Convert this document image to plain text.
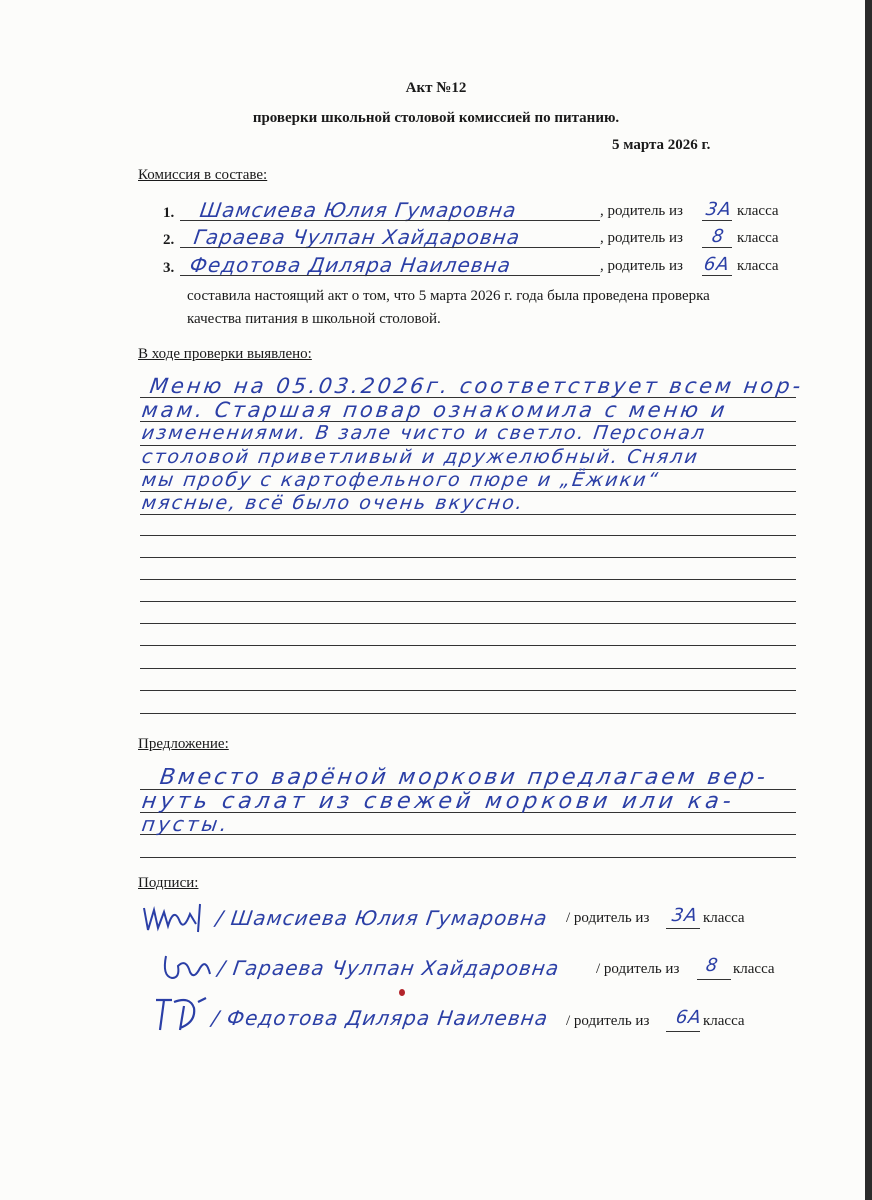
Акт №12
проверки школьной столовой комиссией по питанию.
5 марта 2026 г.
Комиссия в составе:
1. Шамсиева Юлия Гумаровна	, родитель из 3А класса
2. Гараева Чулпан Хайдаровна	, родитель из 8 класса
3. Федотова Диляра Наилевна	, родитель из 6А класса
составила настоящий акт о том, что 5 марта 2026 г. года была проведена проверка
качества питания в школьной столовой.
В ходе проверки выявлено:
Меню на 05.03.2026г. соответствует всем нор-
мам. Старшая повар ознакомила с меню и
изменениями. В зале чисто и светло. Персонал
столовой приветливый и дружелюбный. Сняли
мы пробу с картофельного пюре и „Ёжики“
мясные, всё было очень вкусно.
Предложение:
Вместо варёной моркови предлагаем вер-
нуть салат из свежей моркови или ка-
пусты.
Подписи:
/ Шамсиева Юлия Гумаровна / родитель из 3А класса
/ Гараева Чулпан Хайдаровна / родитель из 8 класса
/ Федотова Диляра Наилевна / родитель из 6А класса
